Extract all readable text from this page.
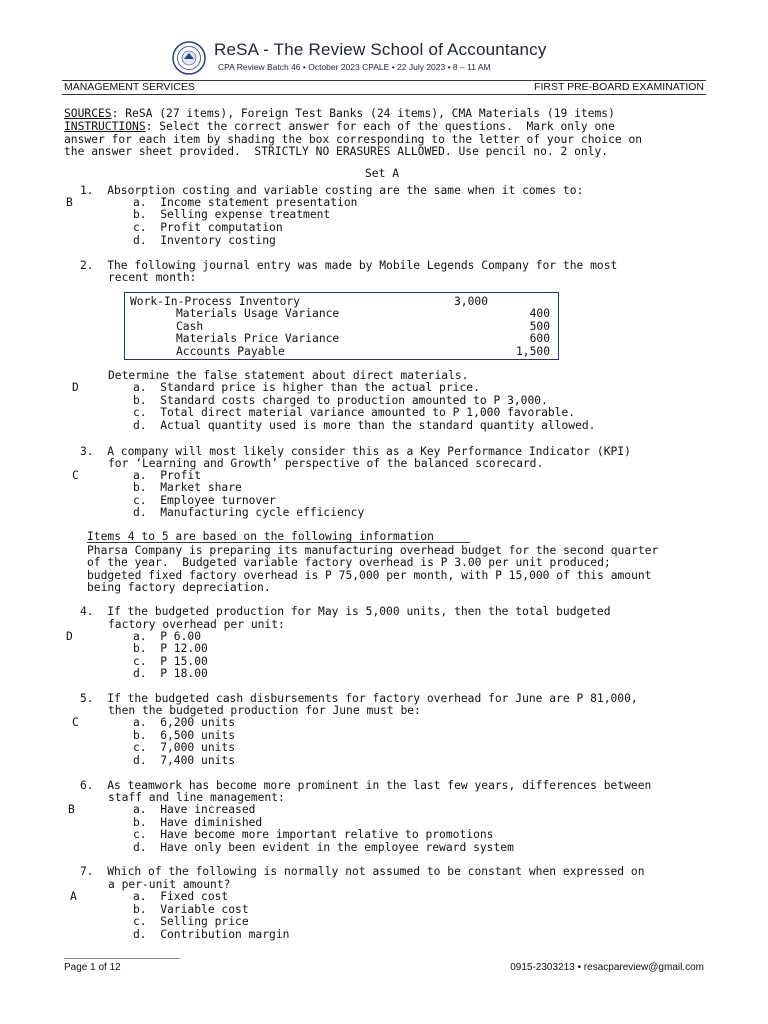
ReSA - The Review School of Accountancy
CPA Review Batch 46 • October 2023 CPALE • 22 July 2023 • 8 – 11 AM
MANAGEMENT SERVICES	FIRST PRE-BOARD EXAMINATION
SOURCES: ReSA (27 items), Foreign Test Banks (24 items), CMA Materials (19 items)
INSTRUCTIONS: Select the correct answer for each of the questions.  Mark only one
answer for each item by shading the box corresponding to the letter of your choice on
the answer sheet provided.  STRICTLY NO ERASURES ALLOWED. Use pencil no. 2 only.
Set A
1.  Absorption costing and variable costing are the same when it comes to:
B	a.  Income statement presentation
b.  Selling expense treatment
c.  Profit computation
d.  Inventory costing
2.  The following journal entry was made by Mobile Legends Company for the most
recent month:
Work-In-Process Inventory	3,000
Materials Usage Variance	400
Cash	500
Materials Price Variance	600
Accounts Payable	1,500
Determine the false statement about direct materials.
D	a.  Standard price is higher than the actual price.
b.  Standard costs charged to production amounted to P 3,000.
c.  Total direct material variance amounted to P 1,000 favorable.
d.  Actual quantity used is more than the standard quantity allowed.
3.  A company will most likely consider this as a Key Performance Indicator (KPI)
for ‘Learning and Growth’ perspective of the balanced scorecard.
C	a.  Profit
b.  Market share
c.  Employee turnover
d.  Manufacturing cycle efficiency
Items 4 to 5 are based on the following information
Pharsa Company is preparing its manufacturing overhead budget for the second quarter
of the year.  Budgeted variable factory overhead is P 3.00 per unit produced;
budgeted fixed factory overhead is P 75,000 per month, with P 15,000 of this amount
being factory depreciation.
4.  If the budgeted production for May is 5,000 units, then the total budgeted
factory overhead per unit:
D	a.  P 6.00
b.  P 12.00
c.  P 15.00
d.  P 18.00
5.  If the budgeted cash disbursements for factory overhead for June are P 81,000,
then the budgeted production for June must be:
C	a.  6,200 units
b.  6,500 units
c.  7,000 units
d.  7,400 units
6.  As teamwork has become more prominent in the last few years, differences between
staff and line management:
B	a.  Have increased
b.  Have diminished
c.  Have become more important relative to promotions
d.  Have only been evident in the employee reward system
7.  Which of the following is normally not assumed to be constant when expressed on
a per-unit amount?
A	a.  Fixed cost
b.  Variable cost
c.  Selling price
d.  Contribution margin
Page 1 of 12	0915-2303213 • resacpareview@gmail.com
